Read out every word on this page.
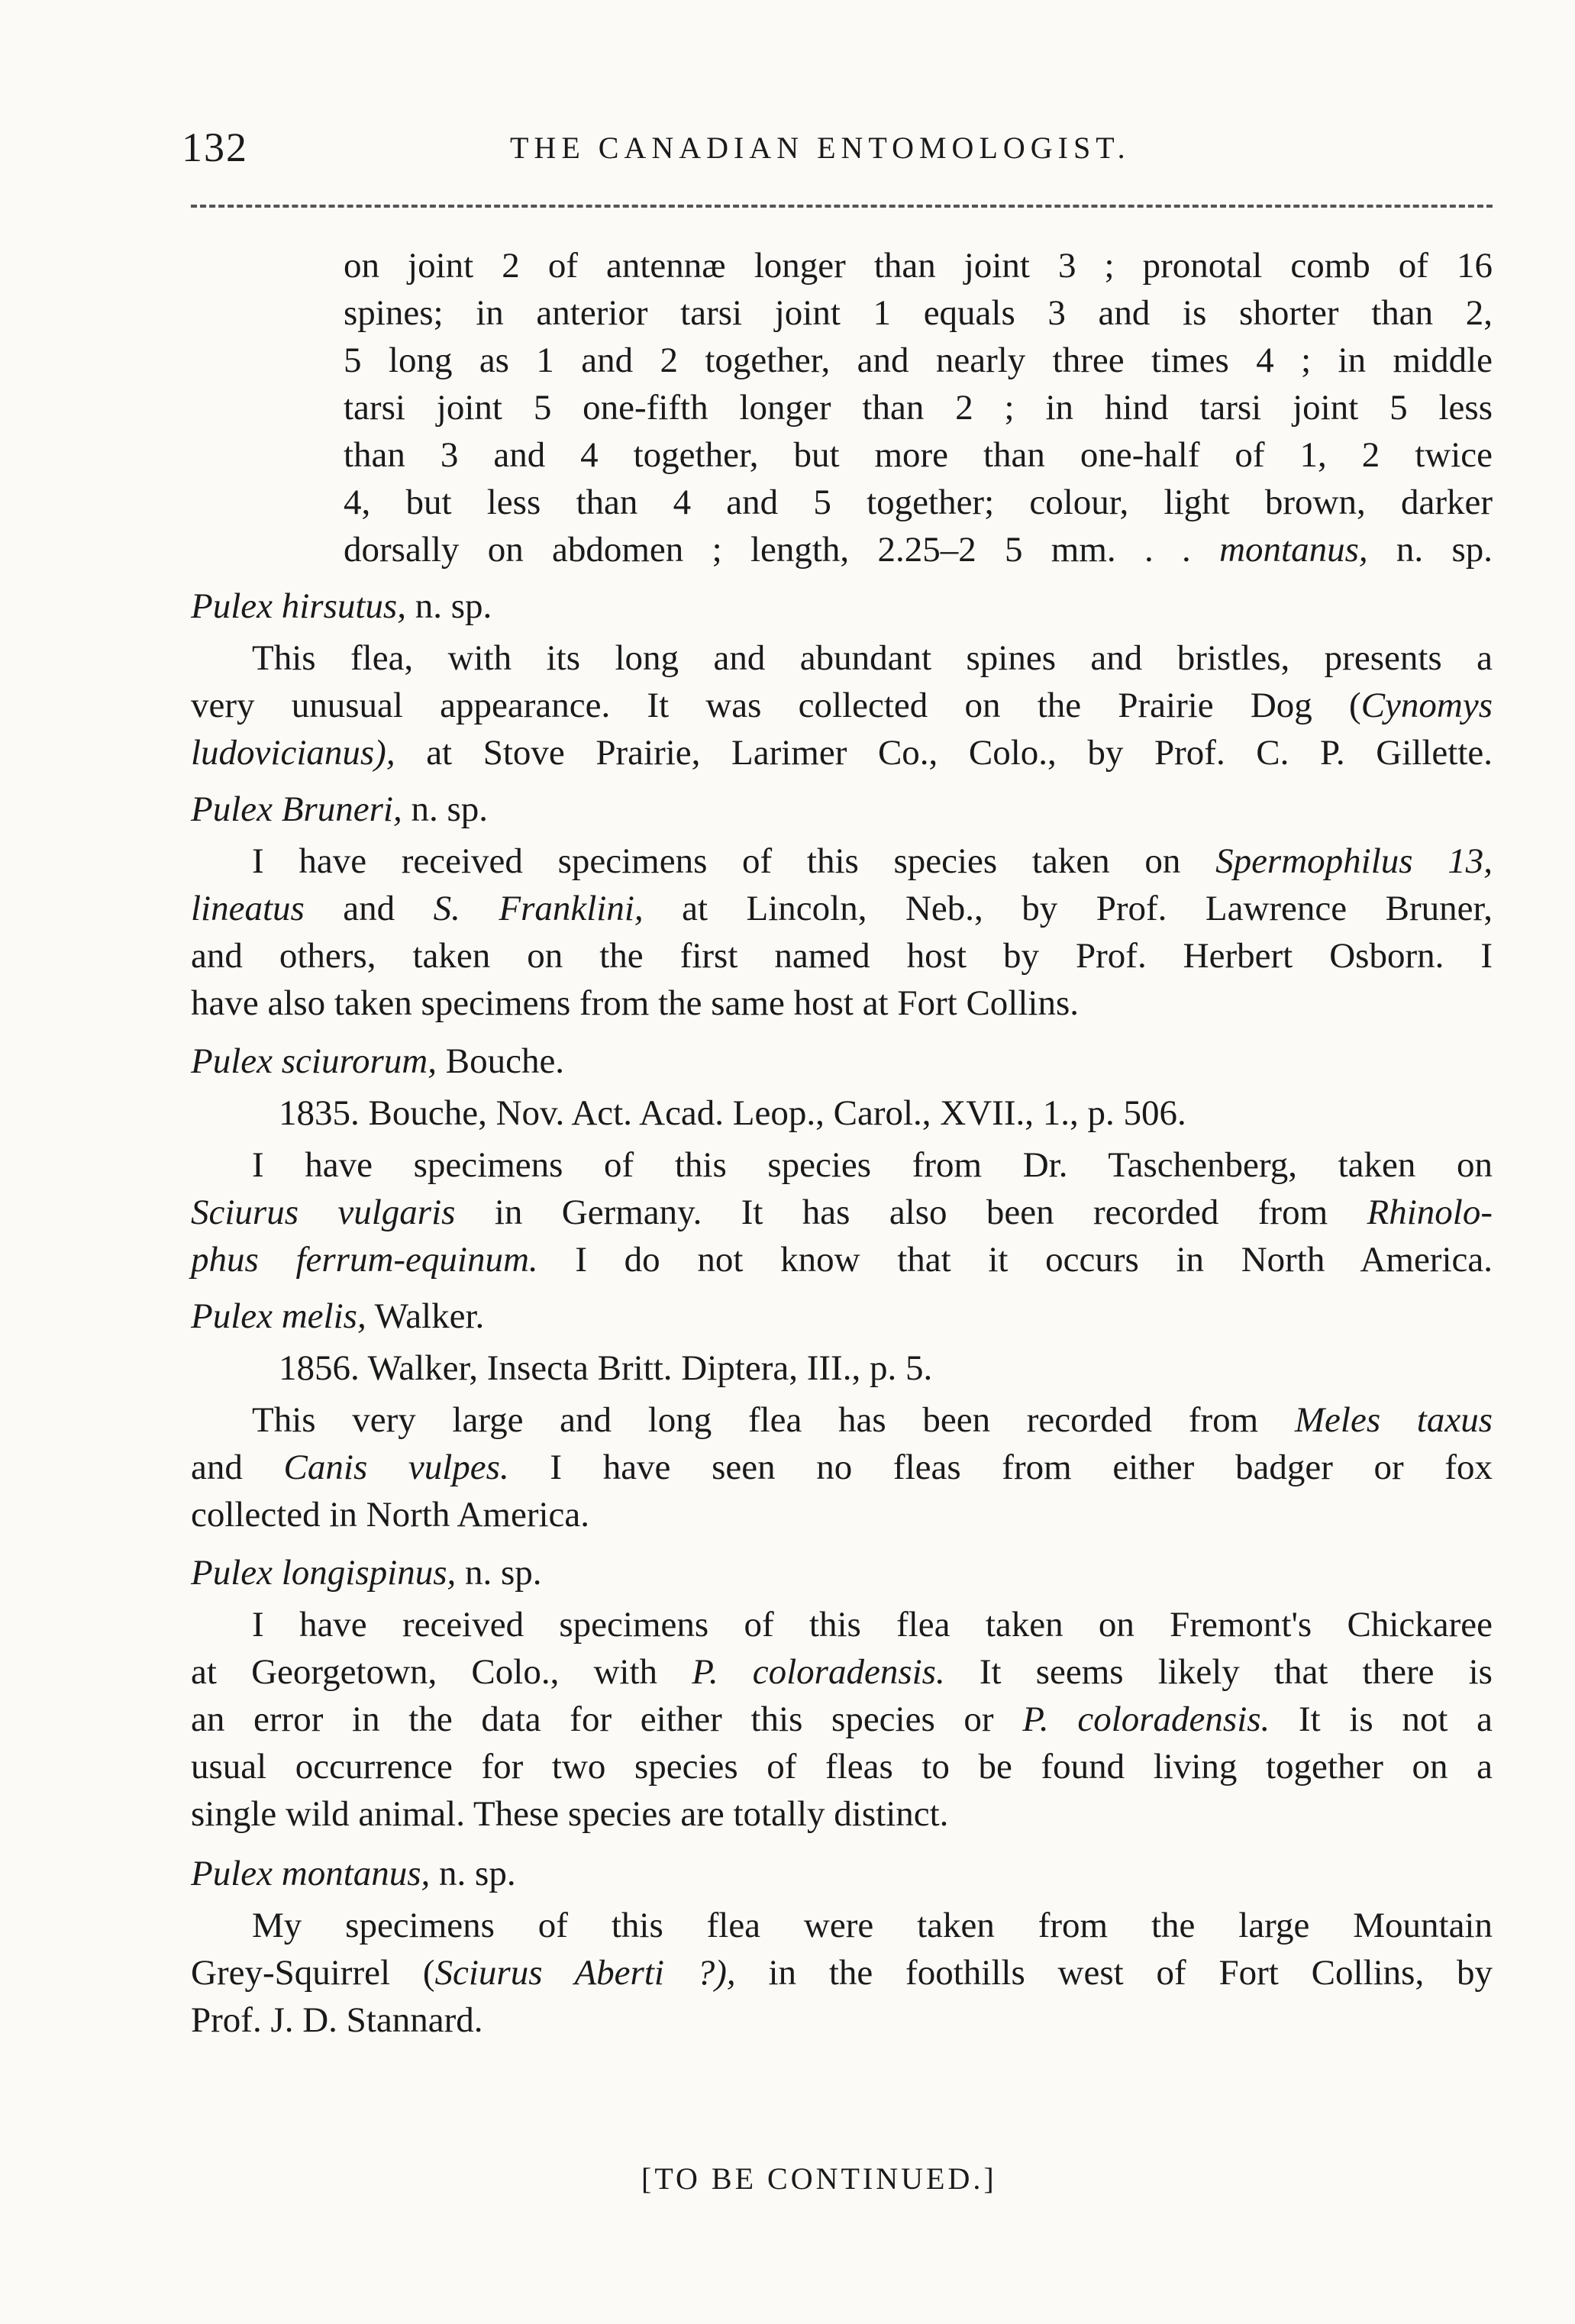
132	THE CANADIAN ENTOMOLOGIST.
on joint 2 of antennæ longer than joint 3 ; pronotal comb of 16
spines; in anterior tarsi joint 1 equals 3 and is shorter than 2,
5 long as 1 and 2 together, and nearly three times 4 ; in middle
tarsi joint 5 one-fifth longer than 2 ; in hind tarsi joint 5 less
than 3 and 4 together, but more than one-half of 1, 2 twice
4, but less than 4 and 5 together; colour, light brown, darker
dorsally on abdomen ; length, 2.25–2 5 mm. . . montanus, n. sp.
Pulex hirsutus, n. sp.
This flea, with its long and abundant spines and bristles, presents a
very unusual appearance. It was collected on the Prairie Dog (Cynomys
ludovicianus), at Stove Prairie, Larimer Co., Colo., by Prof. C. P. Gillette.
Pulex Bruneri, n. sp.
I have received specimens of this species taken on Spermophilus 13,
lineatus and S. Franklini, at Lincoln, Neb., by Prof. Lawrence Bruner,
and others, taken on the first named host by Prof. Herbert Osborn. I
have also taken specimens from the same host at Fort Collins.
Pulex sciurorum, Bouche.
1835. Bouche, Nov. Act. Acad. Leop., Carol., XVII., 1., p. 506.
I have specimens of this species from Dr. Taschenberg, taken on
Sciurus vulgaris in Germany. It has also been recorded from Rhinolo-
phus ferrum-equinum. I do not know that it occurs in North America.
Pulex melis, Walker.
1856. Walker, Insecta Britt. Diptera, III., p. 5.
This very large and long flea has been recorded from Meles taxus
and Canis vulpes. I have seen no fleas from either badger or fox
collected in North America.
Pulex longispinus, n. sp.
I have received specimens of this flea taken on Fremont's Chickaree
at Georgetown, Colo., with P. coloradensis. It seems likely that there is
an error in the data for either this species or P. coloradensis. It is not a
usual occurrence for two species of fleas to be found living together on a
single wild animal. These species are totally distinct.
Pulex montanus, n. sp.
My specimens of this flea were taken from the large Mountain
Grey-Squirrel (Sciurus Aberti ?), in the foothills west of Fort Collins, by
Prof. J. D. Stannard.
[TO BE CONTINUED.]
